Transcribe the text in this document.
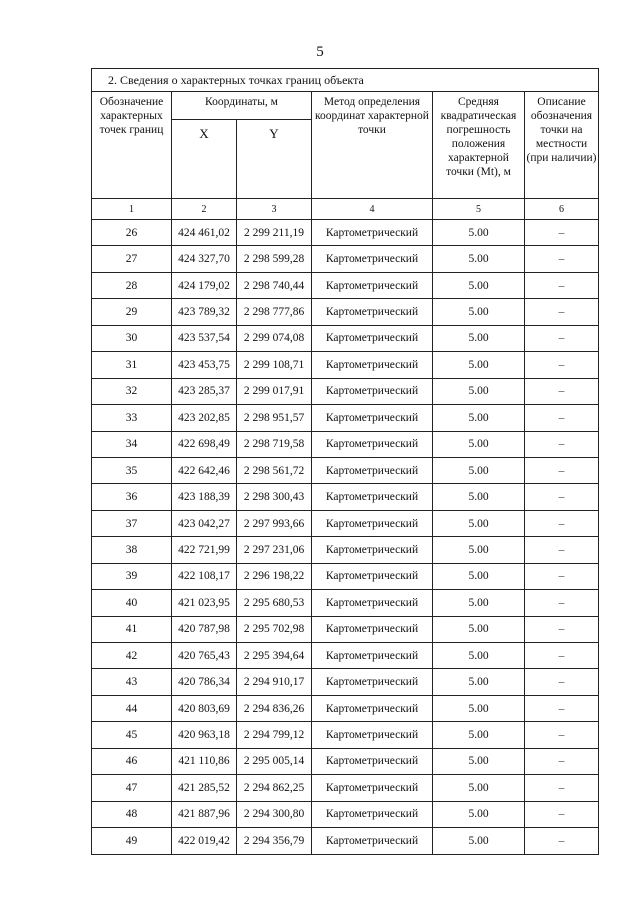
5
2. Сведения о характерных точках границ объекта					
Обозначение характерных точек границ	Координаты, м		Метод определения координат характерной точки	Средняя квадратическая погрешность положения характерной точки (Mt), м	Описание обозначения точки на местности (при наличии)
	X	Y			
1	2	3	4	5	6
26	424 461,02	2 299 211,19	Картометрический	5.00	–
27	424 327,70	2 298 599,28	Картометрический	5.00	–
28	424 179,02	2 298 740,44	Картометрический	5.00	–
29	423 789,32	2 298 777,86	Картометрический	5.00	–
30	423 537,54	2 299 074,08	Картометрический	5.00	–
31	423 453,75	2 299 108,71	Картометрический	5.00	–
32	423 285,37	2 299 017,91	Картометрический	5.00	–
33	423 202,85	2 298 951,57	Картометрический	5.00	–
34	422 698,49	2 298 719,58	Картометрический	5.00	–
35	422 642,46	2 298 561,72	Картометрический	5.00	–
36	423 188,39	2 298 300,43	Картометрический	5.00	–
37	423 042,27	2 297 993,66	Картометрический	5.00	–
38	422 721,99	2 297 231,06	Картометрический	5.00	–
39	422 108,17	2 296 198,22	Картометрический	5.00	–
40	421 023,95	2 295 680,53	Картометрический	5.00	–
41	420 787,98	2 295 702,98	Картометрический	5.00	–
42	420 765,43	2 295 394,64	Картометрический	5.00	–
43	420 786,34	2 294 910,17	Картометрический	5.00	–
44	420 803,69	2 294 836,26	Картометрический	5.00	–
45	420 963,18	2 294 799,12	Картометрический	5.00	–
46	421 110,86	2 295 005,14	Картометрический	5.00	–
47	421 285,52	2 294 862,25	Картометрический	5.00	–
48	421 887,96	2 294 300,80	Картометрический	5.00	–
49	422 019,42	2 294 356,79	Картометрический	5.00	–
